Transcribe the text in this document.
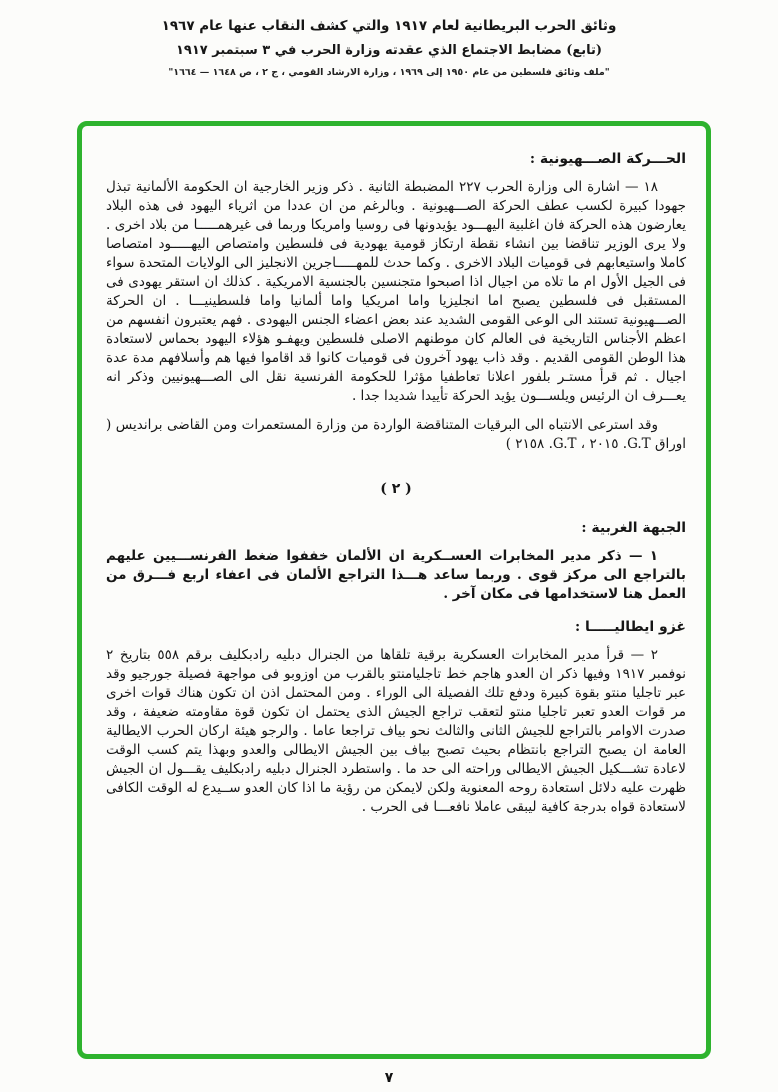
وثائق الحرب البريطانية لعام ١٩١٧ والتي كشف النقاب عنها عام ١٩٦٧
(تابع) مضابط الاجتماع الذي عقدته وزارة الحرب في ٣ سبتمبر ١٩١٧
"ملف وثائق فلسطين من عام ١٩٥٠ إلى ١٩٦٩ ، وزارة الارشاد القومي ، ج ٢ ، ص ١٦٤٨ — ١٦٦٤"
الحـــركة الصـــهيونية :

١٨ — اشارة الى وزارة الحرب ٢٢٧ المضبطة الثانية . ذكر وزير الخارجية ان الحكومة الألمانية تبذل جهودا كبيرة لكسب عطف الحركة الصـــهيونية . وبالرغم من ان عددا من اثرياء اليهود فى هذه البلاد يعارضون هذه الحركة فان اغلبية اليهـــود يؤيدونها فى روسيا وامريكا وربما فى غيرهمـــــا من بلاد اخرى . ولا يرى الوزير تناقضا بين انشاء نقطة ارتكاز قومية يهودية فى فلسطين وامتصاص اليهـــــود امتصاصا كاملا واستيعابهم فى قوميات البلاد الاخرى . وكما حدث للمهـــــاجرين الانجليز الى الولايات المتحدة سواء فى الجيل الأول ام ما تلاه من اجيال اذا اصبحوا متجنسين بالجنسية الامريكية . كذلك ان استقر يهودى فى المستقبل فى فلسطين يصبح اما انجليزيا واما امريكيا واما ألمانيا واما فلسطينيـــا . ان الحركة الصـــهيونية تستند الى الوعى القومى الشديد عند بعض اعضاء الجنس اليهودى . فهم يعتبرون انفسهم من اعظم الأجناس التاريخية فى العالم كان موطنهم الاصلى فلسطين ويهفـو هؤلاء اليهود بحماس لاستعادة هذا الوطن القومى القديم . وقد ذاب يهود آخرون فى قوميات كانوا قد اقاموا فيها هم وأسلافهم مدة عدة اجيال . ثم قرأ مستـر بلفور اعلانا تعاطفيا مؤثرا للحكومة الفرنسية نقل الى الصـــهيونيين وذكر انه يعـــرف ان الرئيس ويلســـون يؤيد الحركة تأييدا شديدا جدا .

وقد استرعى الانتباه الى البرقيات المتناقضة الواردة من وزارة المستعمرات ومن القاضى برانديس ( اوراق G.T. ٢٠١٥ ، G.T. ٢١٥٨ )

( ٢ )
الجبهة الغربية :

١ — ذكر مدير المخابرات العســكرية ان الألمان خففوا ضغط الفرنســـيين عليهم بالتراجع الى مركز قوى . وربما ساعد هـــذا التراجع الألمان فى اعفاء اربع فـــرق من العمل هنا لاستخدامها فى مكان آخر .

غزو ايطاليـــــا :

٢ — قرأ مدير المخابرات العسكرية برقية تلقاها من الجنرال دبليه رادبكليف برقم ٥٥٨ بتاريخ ٢ نوفمبر ١٩١٧ وفيها ذكر ان العدو هاجم خط تاجليامنتو بالقرب من اوزوبو فى مواجهة فصيلة جورجيو وقد عبر تاجليا منتو بقوة كبيرة ودفع تلك الفصيلة الى الوراء . ومن المحتمل اذن ان تكون هناك قوات اخرى مر قوات العدو تعبر تاجليا منتو لتعقب تراجع الجيش الذى يحتمل ان تكون قوة مقاومته ضعيفة ، وقد صدرت الاوامر بالتراجع للجيش الثانى والثالث نحو بياف تراجعا عاما . والرجو هيئة اركان الحرب الايطالية العامة ان يصبح التراجع بانتظام بحيث تصبح بياف بين الجيش الايطالى والعدو وبهذا يتم كسب الوقت لاعادة تشـــكيل الجيش الايطالى وراحته الى حد ما . واستطرد الجنرال دبليه رادبكليف يقـــول ان الجيش ظهرت عليه دلائل استعادة روحه المعنوية ولكن لايمكن من رؤية ما اذا كان العدو ســيدع له الوقت الكافى لاستعادة قواه بدرجة كافية ليبقى عاملا نافعـــا فى الحرب .

٧
